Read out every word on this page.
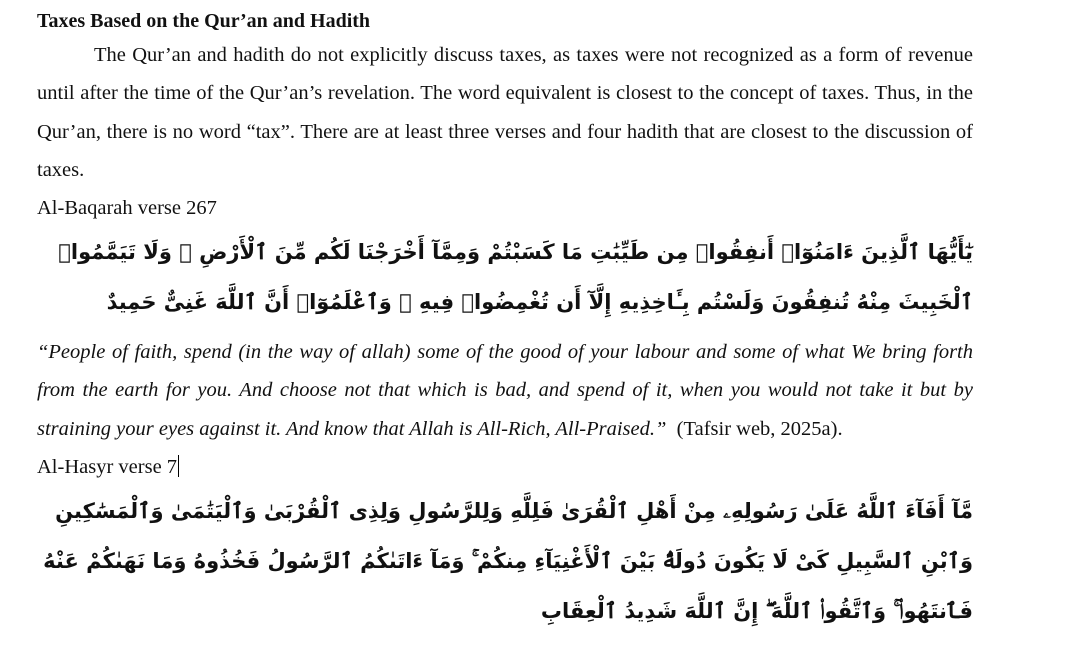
Taxes Based on the Qur’an and Hadith

The Qur’an and hadith do not explicitly discuss taxes, as taxes were not recognized as a form of revenue until after the time of the Qur’an’s revelation. The word equivalent is closest to the concept of taxes. Thus, in the Qur’an, there is no word “tax”. There are at least three verses and four hadith that are closest to the discussion of taxes.

Al-Baqarah verse 267

يٰٓأَيُّهَا ٱلَّذِينَ ءَامَنُوٓا۟ أَنفِقُوا۟ مِن طَيِّبَٰتِ مَا كَسَبْتُمْ وَمِمَّآ أَخْرَجْنَا لَكُم مِّنَ ٱلْأَرْضِ ۖ وَلَا تَيَمَّمُوا۟ ٱلْخَبِيثَ مِنْهُ تُنفِقُونَ وَلَسْتُم بِـَٔاخِذِيهِ إِلَّآ أَن تُغْمِضُوا۟ فِيهِ ۚ وَٱعْلَمُوٓا۟ أَنَّ ٱللَّهَ غَنِىٌّ حَمِيدٌ

“People of faith, spend (in the way of allah) some of the good of your labour and some of what We bring forth from the earth for you. And choose not that which is bad, and spend of it, when you would not take it but by straining your eyes against it. And know that Allah is All-Rich, All-Praised.” (Tafsir web, 2025a).

Al-Hasyr verse 7

مَّآ أَفَآءَ ٱللَّهُ عَلَىٰ رَسُولِهِۦ مِنْ أَهْلِ ٱلْقُرَىٰ فَلِلَّهِ وَلِلرَّسُولِ وَلِذِى ٱلْقُرْبَىٰ وَٱلْيَتَٰمَىٰ وَٱلْمَسَٰكِينِ وَٱبْنِ ٱلسَّبِيلِ كَىْ لَا يَكُونَ دُولَةًۢ بَيْنَ ٱلْأَغْنِيَآءِ مِنكُمْ ۚ وَمَآ ءَاتَىٰكُمُ ٱلرَّسُولُ فَخُذُوهُ وَمَا نَهَىٰكُمْ عَنْهُ فَٱنتَهُوا۟ ۚ وَٱتَّقُوا۟ ٱللَّهَ ۖ إِنَّ ٱللَّهَ شَدِيدُ ٱلْعِقَابِ
